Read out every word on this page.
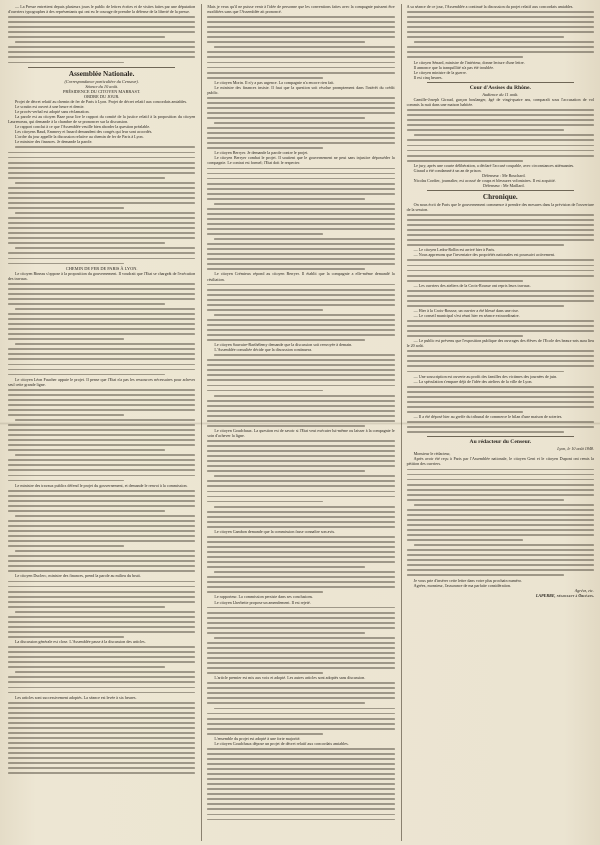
— La Presse entretient depuis plusieurs jours le public de lettres écrites et de visites faites par une députation d'ouvriers typographes à des représentants qui ont eu le courage de prendre la défense de la liberté de la presse.

Assemblée Nationale.
(Correspondance particulière du Censeur).
Séance du 10 août.
PRÉSIDENCE DU CITOYEN MARRAST.
ORDRE DU JOUR.

Projet de décret relatif au chemin de fer de Paris à Lyon. Projet de décret relatif aux concordats amiables.

Le scrutin est ouvert à une heure et demie.

Le procès-verbal est adopté sans réclamation.

La parole est au citoyen Baze pour lire le rapport du comité de la justice relatif à la proposition du citoyen Laurenceau, qui demande à la chambre de se prononcer sur la discussion.

Le rapport conclut à ce que l'Assemblée veuille bien aborder la question préalable.

Les citoyens Baud, Emmery et Isnard demandent des congés qui leur sont accordés.

L'ordre du jour appelle la discussion relative au chemin de fer de Paris à Lyon.

Le ministre des finances. Je demande la parole.

CHEMIN DE FER DE PARIS À LYON.

Le citoyen Bineau s'oppose à la proposition du gouvernement. Il voudrait que l'Etat se chargeât de l'exécution des travaux.

Le citoyen Léon Faucher appuie le projet. Il pense que l'Etat n'a pas les ressources nécessaires pour achever seul cette grande ligne.

Le ministre des travaux publics défend le projet du gouvernement, et demande le renvoi à la commission.

Le citoyen Duclerc, ministre des finances, prend la parole au milieu du bruit.

La discussion générale est close. L'Assemblée passe à la discussion des articles.

Les articles sont successivement adoptés. La séance est levée à six heures.

Mais je veux qu'il ne puisse venir à l'idée de personne que les conventions faites avec la compagnie puissent être modifiées sans que l'Assemblée ait prononcé.

Le citoyen Morin. Il n'y a pas urgence. La compagnie n'a encore rien fait.

Le ministre des finances insiste. Il faut que la question soit résolue promptement dans l'intérêt du crédit public.

Le citoyen Berryer. Je demande la parole contre le projet.

Le citoyen Berryer combat le projet. Il soutient que le gouvernement ne peut sans injustice déposséder la compagnie. Le contrat est formel; l'Etat doit le respecter.

Le citoyen Crémieux répond au citoyen Berryer. Il établit que la compagnie a elle-même demandé la résiliation.

Le citoyen Sauvaire-Barthélemy demande que la discussion soit renvoyée à demain.

L'Assemblée consultée décide que la discussion continuera.

Le citoyen Goudchaux. La question est de savoir si l'Etat veut exécuter lui-même ou laisser à la compagnie le soin d'achever la ligne.

Le citoyen Gambon demande que la commission fasse connaître son avis.

Le rapporteur. La commission persiste dans ses conclusions.

Le citoyen Lherbette propose un amendement. Il est rejeté.

L'article premier est mis aux voix et adopté. Les autres articles sont adoptés sans discussion.

L'ensemble du projet est adopté à une forte majorité.

Le citoyen Goudchaux dépose un projet de décret relatif aux concordats amiables.

A sa séance de ce jour, l'Assemblée a continué la discussion du projet relatif aux concordats amiables.

Le citoyen Sénard, ministre de l'intérieur, donne lecture d'une lettre.

Il annonce que la tranquillité n'a pas été troublée.

Le citoyen ministre de la guerre.

Il est cinq heures.

Cour d'Assises du Rhône.
Audience du 11 août.

Camille-Joseph Giraud, garçon boulanger, âgé de vingt-quatre ans, comparaît sous l'accusation de vol commis la nuit dans une maison habitée.

Le jury, après une courte délibération, a déclaré l'accusé coupable, avec circonstances atténuantes.

Giraud a été condamné à un an de prison.

Défenseur : Me Bouchard.

Nicolas Cordier, journalier, est accusé de coups et blessures volontaires. Il est acquitté.

Défenseur : Me Maillard.

Chronique.

On nous écrit de Paris que le gouvernement commence à prendre des mesures dans la prévision de l'ouverture de la session.

— Le citoyen Ledru-Rollin est arrivé hier à Paris.

— Nous apprenons que l'inventaire des propriétés nationales est poursuivi activement.

— Les ouvriers des ateliers de la Croix-Rousse ont repris leurs travaux.

— Hier à la Croix-Rousse, un ouvrier a été blessé dans une rixe.

— Le conseil municipal s'est réuni hier en séance extraordinaire.

— Le public est prévenu que l'exposition publique des ouvrages des élèves de l'Ecole des beaux-arts aura lieu le 20 août.

— Une souscription est ouverte au profit des familles des victimes des journées de juin.

— La spéculation s'empare déjà de l'idée des ateliers de la ville de Lyon.

— Il a été déposé hier au greffe du tribunal de commerce le bilan d'une maison de soieries.

Au rédacteur du Censeur.
Lyon, le 10 août 1848.

Monsieur le rédacteur,

Après avoir été reçu à Paris par l'Assemblée nationale, le citoyen Gent et le citoyen Dupont ont remis la pétition des ouvriers.

Je vous prie d'insérer cette lettre dans votre plus prochain numéro.

Agréez, monsieur, l'assurance de ma parfaite considération.

Agréez, etc.

LAPERRE, négociant à Orléans.
